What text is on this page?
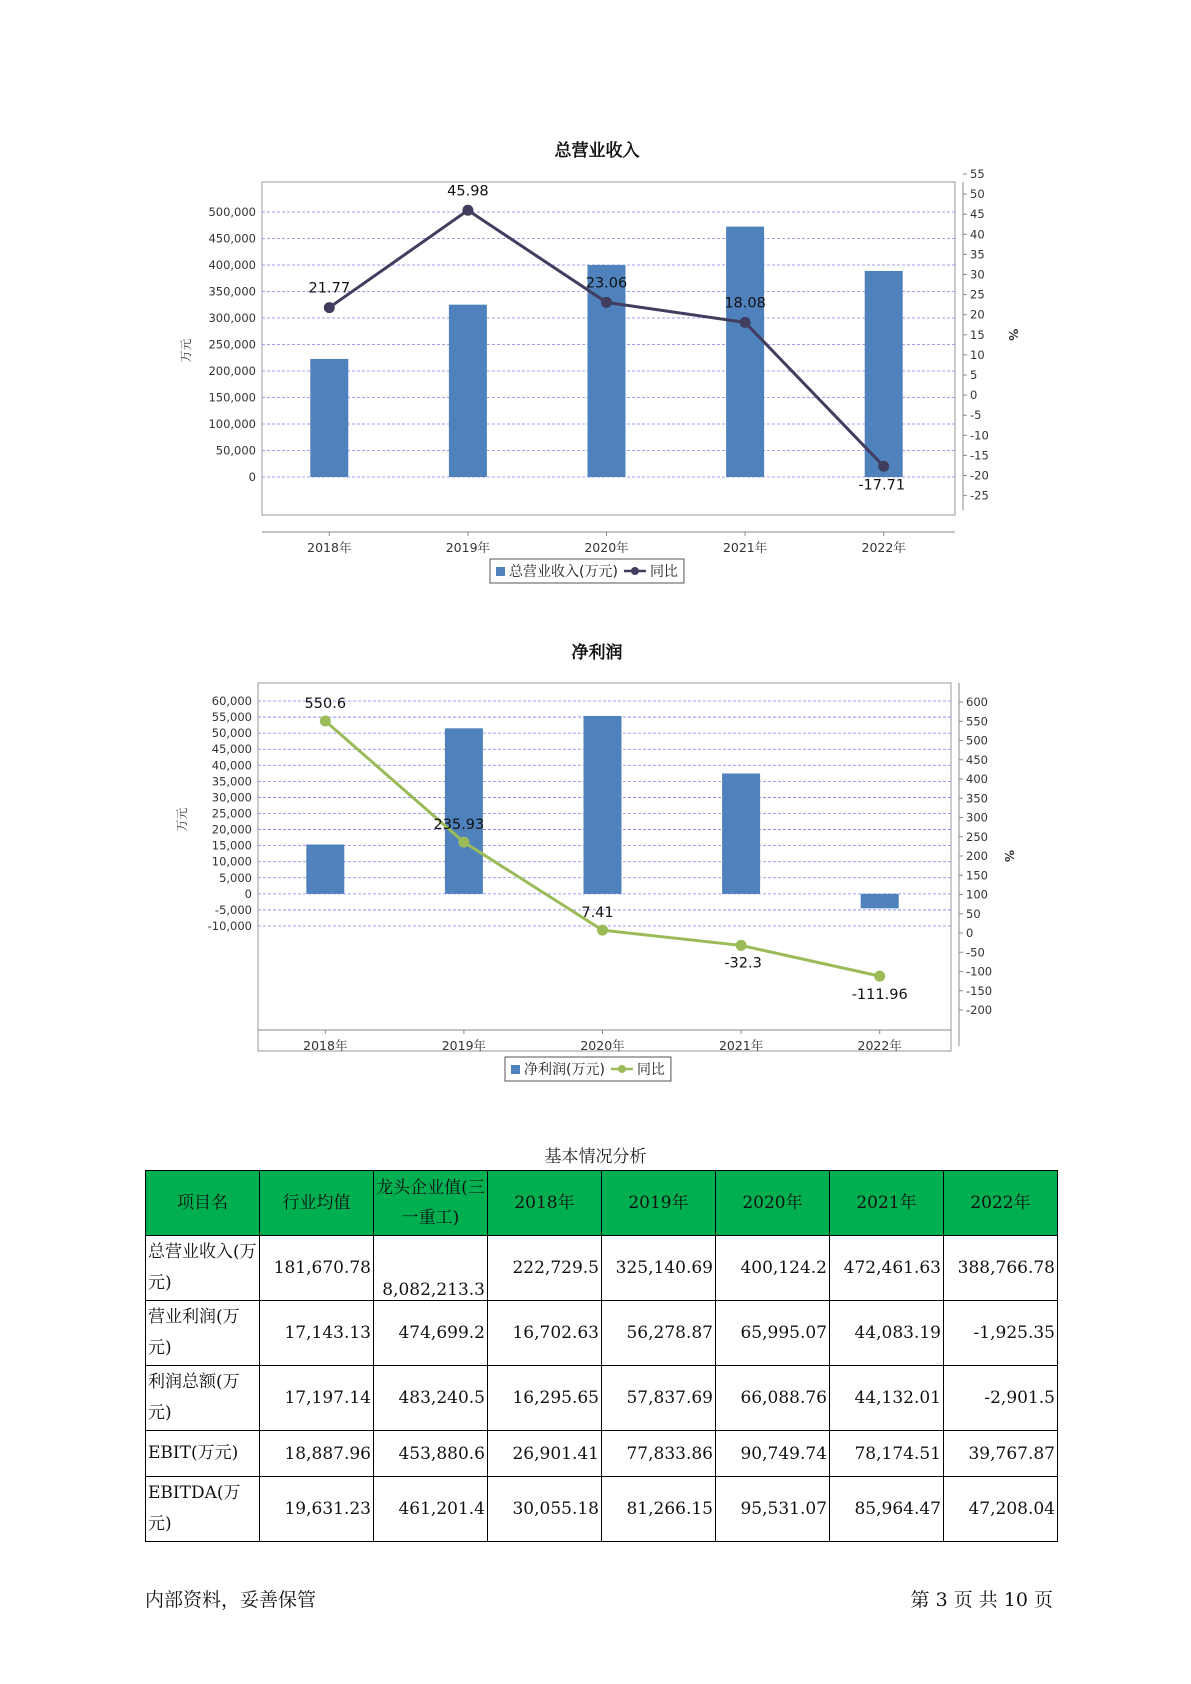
总营业收入
0
50,000
100,000
150,000
200,000
250,000
300,000
350,000
400,000
450,000
500,000
万元
-25
-20
-15
-10
-5
0
5
10
15
20
25
30
35
40
45
50
55
%
2018年	2019年	2020年	2021年	2022年
21.77
45.98
23.06
18.08
-17.71
总营业收入(万元) 同比
净利润
-10,000
-5,000
0
5,000
10,000
15,000
20,000
25,000
30,000
35,000
40,000
45,000
50,000
55,000
60,000
万元
-200
-150
-100
-50
0
50
100
150
200
250
300
350
400
450
500
550
600
%
2018年	2019年	2020年	2021年	2022年
550.6
235.93
7.41
-32.3
-111.96
净利润(万元) 同比
基本情况分析
项目名	行业均值	龙头企业值(三一重工)	2018年	2019年	2020年	2021年	2022年
总营业收入(万元)	181,670.78	8,082,213.3	222,729.5	325,140.69	400,124.2	472,461.63	388,766.78
营业利润(万元)	17,143.13	474,699.2	16,702.63	56,278.87	65,995.07	44,083.19	-1,925.35
利润总额(万元)	17,197.14	483,240.5	16,295.65	57,837.69	66,088.76	44,132.01	-2,901.5
EBIT(万元)	18,887.96	453,880.6	26,901.41	77,833.86	90,749.74	78,174.51	39,767.87
EBITDA(万元)	19,631.23	461,201.4	30,055.18	81,266.15	95,531.07	85,964.47	47,208.04
内部资料，妥善保管	第 3 页 共 10 页
